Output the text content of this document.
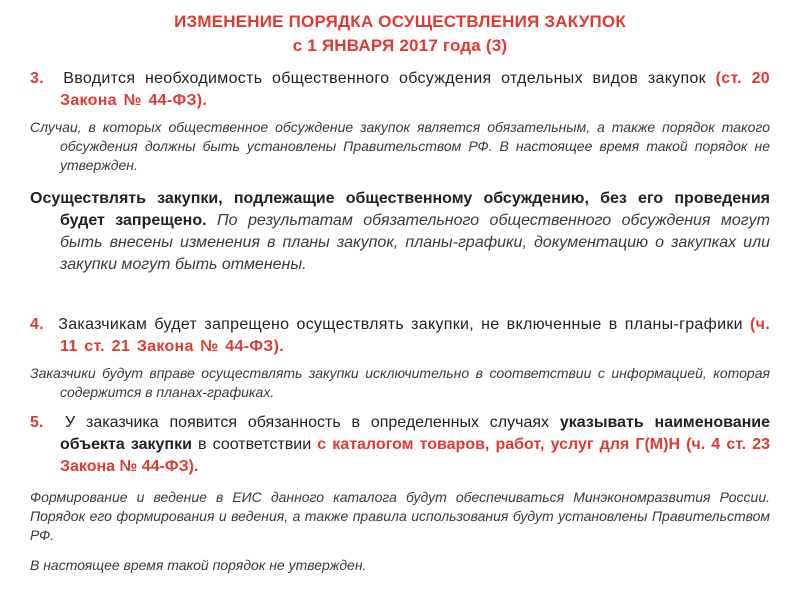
ИЗМЕНЕНИЕ ПОРЯДКА ОСУЩЕСТВЛЕНИЯ ЗАКУПОК
с 1 ЯНВАРЯ 2017 года (3)
3. Вводится необходимость общественного обсуждения отдельных видов закупок (ст. 20 Закона № 44-ФЗ).
Случаи, в которых общественное обсуждение закупок является обязательным, а также порядок такого обсуждения должны быть установлены Правительством РФ. В настоящее время такой порядок не утвержден.
Осуществлять закупки, подлежащие общественному обсуждению, без его проведения будет запрещено. По результатам обязательного общественного обсуждения могут быть внесены изменения в планы закупок, планы-графики, документацию о закупках или закупки могут быть отменены.
4. Заказчикам будет запрещено осуществлять закупки, не включенные в планы-графики (ч. 11 ст. 21 Закона № 44-ФЗ).
Заказчики будут вправе осуществлять закупки исключительно в соответствии с информацией, которая содержится в планах-графиках.
5. У заказчика появится обязанность в определенных случаях указывать наименование объекта закупки в соответствии с каталогом товаров, работ, услуг для Г(М)Н (ч. 4 ст. 23 Закона № 44-ФЗ).
Формирование и ведение в ЕИС данного каталога будут обеспечиваться Минэкономразвития России. Порядок его формирования и ведения, а также правила использования будут установлены Правительством РФ.
В настоящее время такой порядок не утвержден.
